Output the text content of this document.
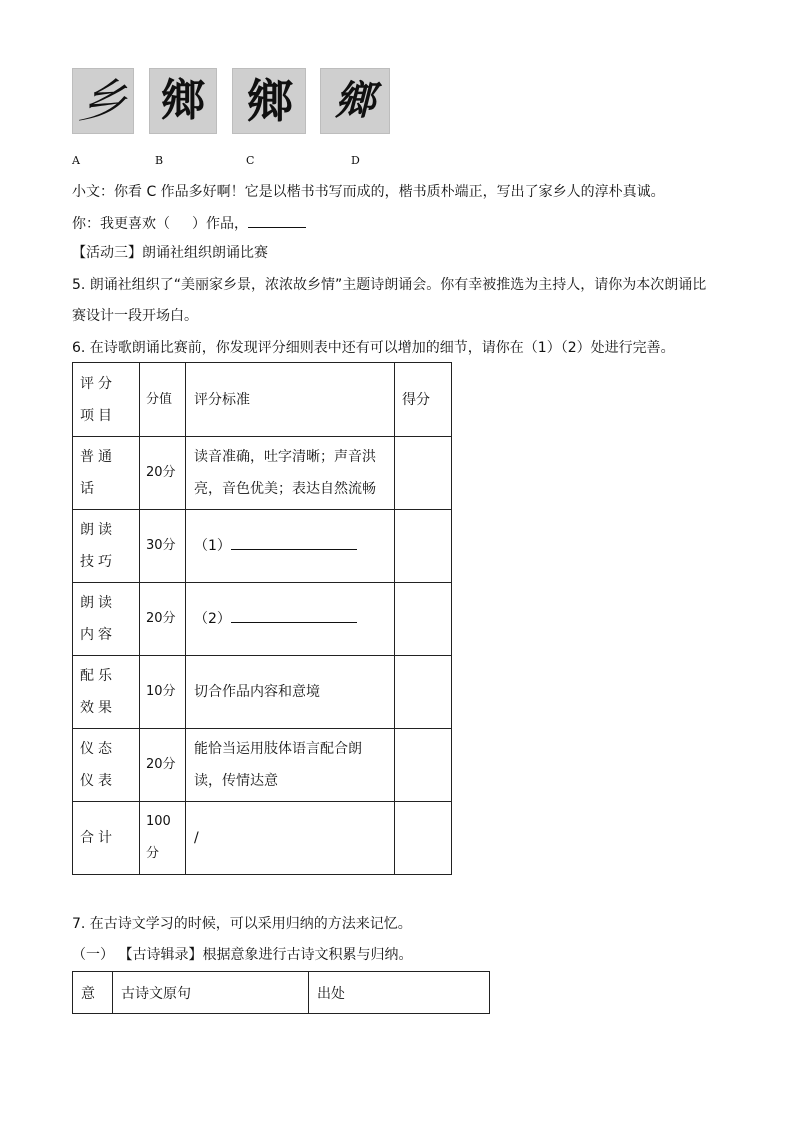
乡 鄉 鄉	鄉
A	B	C	D
小文：你看 C 作品多好啊！它是以楷书书写而成的，楷书质朴端正，写出了家乡人的淳朴真诚。
你：我更喜欢（ ）作品，
【活动三】朗诵社组织朗诵比赛
5. 朗诵社组织了“美丽家乡景，浓浓故乡情”主题诗朗诵会。你有幸被推选为主持人，请你为本次朗诵比
赛设计一段开场白。
6. 在诗歌朗诵比赛前，你发现评分细则表中还有可以增加的细节，请你在（1）（2）处进行完善。
评分项目	分值	评分标准	得分
普通话	20分	读音准确，吐字清晰；声音洪亮，音色优美；表达自然流畅	
朗读技巧	30分	（1）	
朗读内容	20分	（2）	
配乐效果	10分	切合作品内容和意境	
仪态仪表	20分	能恰当运用肢体语言配合朗读，传情达意	
合计	100分	/	
7. 在古诗文学习的时候，可以采用归纳的方法来记忆。
（一） 【古诗辑录】根据意象进行古诗文积累与归纳。
意	古诗文原句	出处
